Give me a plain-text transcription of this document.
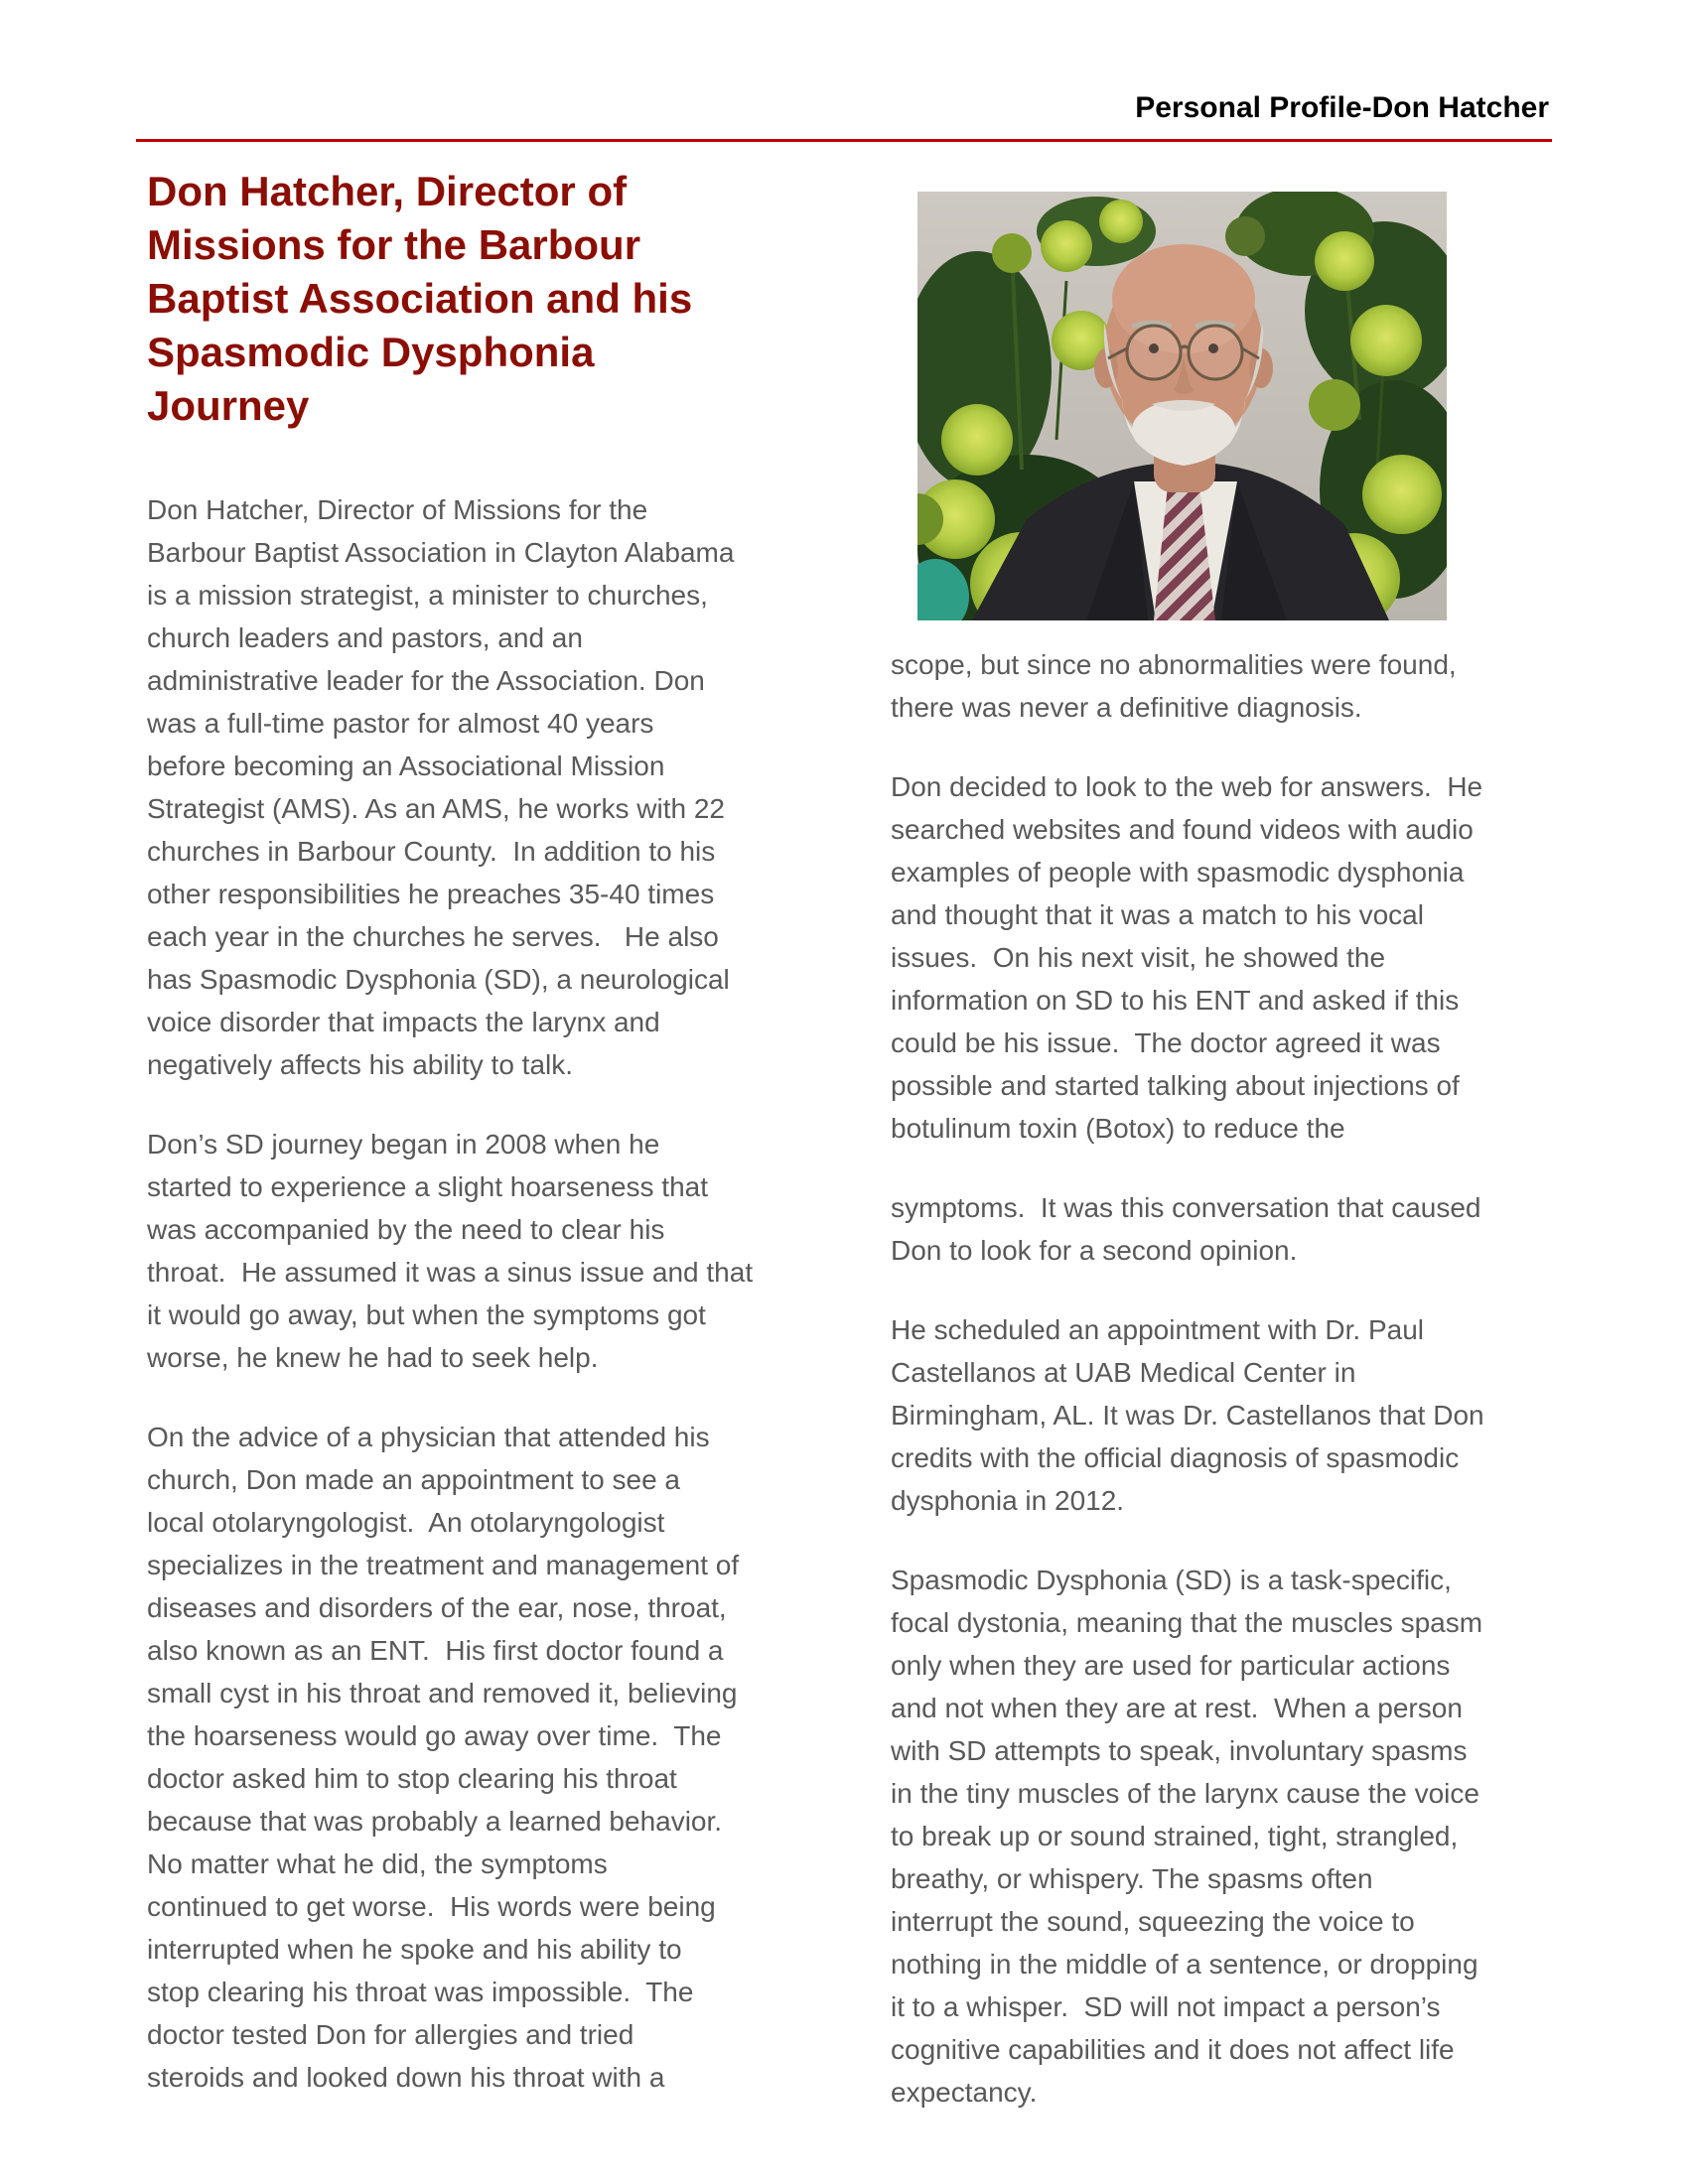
Personal Profile-Don Hatcher
Don Hatcher, Director of
Missions for the Barbour
Baptist Association and his
Spasmodic Dysphonia
Journey

Don Hatcher, Director of Missions for the
Barbour Baptist Association in Clayton Alabama
is a mission strategist, a minister to churches,
church leaders and pastors, and an
administrative leader for the Association. Don
was a full-time pastor for almost 40 years
before becoming an Associational Mission
Strategist (AMS). As an AMS, he works with 22
churches in Barbour County.  In addition to his
other responsibilities he preaches 35-40 times
each year in the churches he serves.   He also
has Spasmodic Dysphonia (SD), a neurological
voice disorder that impacts the larynx and
negatively affects his ability to talk.

Don’s SD journey began in 2008 when he
started to experience a slight hoarseness that
was accompanied by the need to clear his
throat.  He assumed it was a sinus issue and that
it would go away, but when the symptoms got
worse, he knew he had to seek help.

On the advice of a physician that attended his
church, Don made an appointment to see a
local otolaryngologist.  An otolaryngologist
specializes in the treatment and management of
diseases and disorders of the ear, nose, throat,
also known as an ENT.  His first doctor found a
small cyst in his throat and removed it, believing
the hoarseness would go away over time.  The
doctor asked him to stop clearing his throat
because that was probably a learned behavior.
No matter what he did, the symptoms
continued to get worse.  His words were being
interrupted when he spoke and his ability to
stop clearing his throat was impossible.  The
doctor tested Don for allergies and tried
steroids and looked down his throat with a

scope, but since no abnormalities were found,
there was never a definitive diagnosis.

Don decided to look to the web for answers.  He
searched websites and found videos with audio
examples of people with spasmodic dysphonia
and thought that it was a match to his vocal
issues.  On his next visit, he showed the
information on SD to his ENT and asked if this
could be his issue.  The doctor agreed it was
possible and started talking about injections of
botulinum toxin (Botox) to reduce the

symptoms.  It was this conversation that caused
Don to look for a second opinion.

He scheduled an appointment with Dr. Paul
Castellanos at UAB Medical Center in
Birmingham, AL. It was Dr. Castellanos that Don
credits with the official diagnosis of spasmodic
dysphonia in 2012.

Spasmodic Dysphonia (SD) is a task-specific,
focal dystonia, meaning that the muscles spasm
only when they are used for particular actions
and not when they are at rest.  When a person
with SD attempts to speak, involuntary spasms
in the tiny muscles of the larynx cause the voice
to break up or sound strained, tight, strangled,
breathy, or whispery. The spasms often
interrupt the sound, squeezing the voice to
nothing in the middle of a sentence, or dropping
it to a whisper.  SD will not impact a person’s
cognitive capabilities and it does not affect life
expectancy.
